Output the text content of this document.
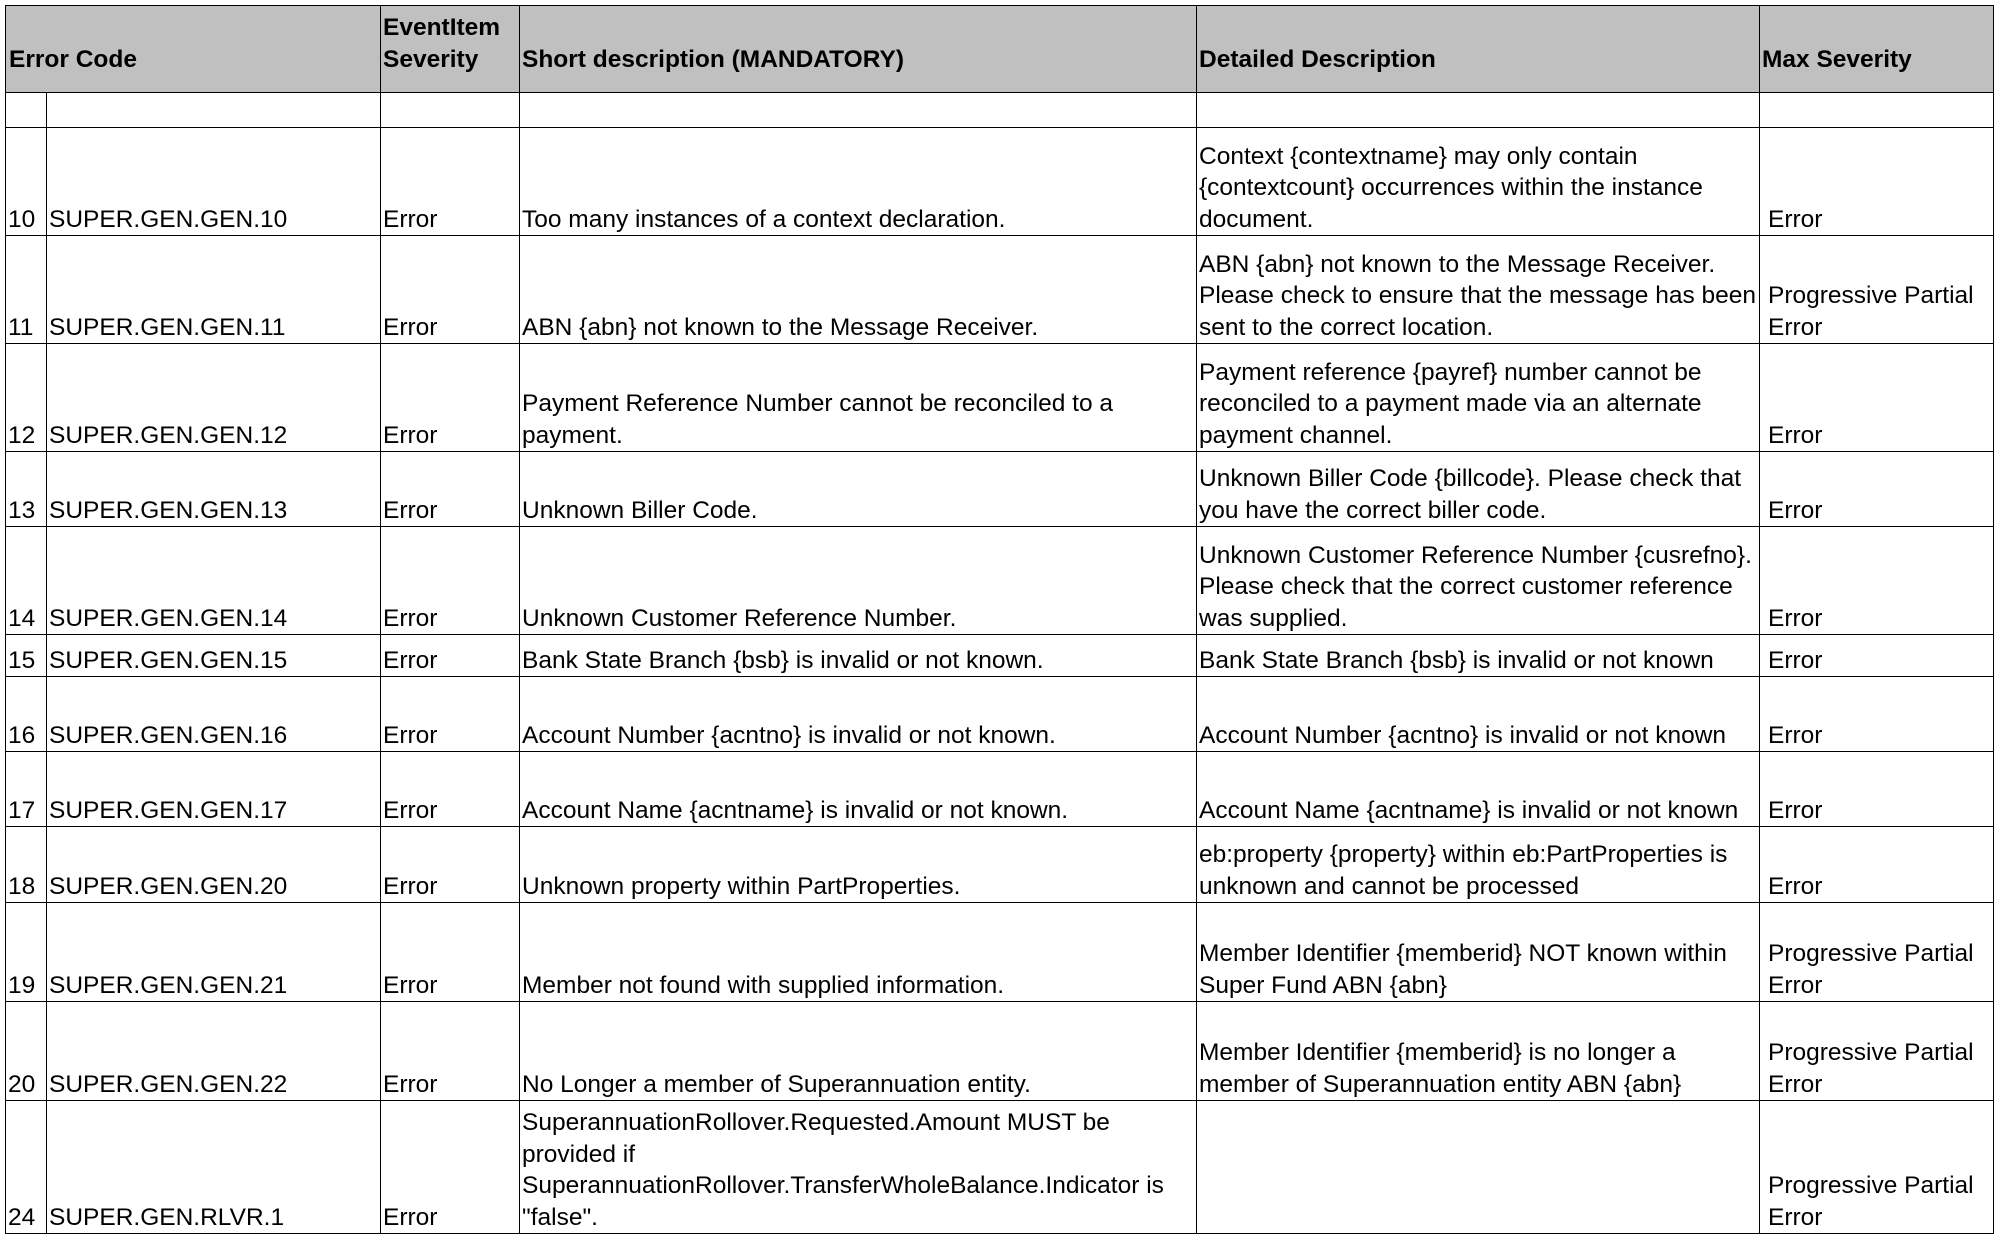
Error Code		EventItem Severity	Short description (MANDATORY)	Detailed Description	Max Severity

10	SUPER.GEN.GEN.10	Error	Too many instances of a context declaration.	Context {contextname} may only contain {contextcount} occurrences within the instance document.	Error
11	SUPER.GEN.GEN.11	Error	ABN {abn} not known to the Message Receiver.	ABN {abn} not known to the Message Receiver. Please check to ensure that the message has been sent to the correct location.	Progressive Partial Error
12	SUPER.GEN.GEN.12	Error	Payment Reference Number cannot be reconciled to a payment.	Payment reference {payref} number cannot be reconciled to a payment made via an alternate payment channel.	Error
13	SUPER.GEN.GEN.13	Error	Unknown Biller Code.	Unknown Biller Code {billcode}. Please check that you have the correct biller code.	Error
14	SUPER.GEN.GEN.14	Error	Unknown Customer Reference Number.	Unknown Customer Reference Number {cusrefno}. Please check that the correct customer reference was supplied.	Error
15	SUPER.GEN.GEN.15	Error	Bank State Branch {bsb} is invalid or not known.	Bank State Branch {bsb} is invalid or not known	Error
16	SUPER.GEN.GEN.16	Error	Account Number {acntno} is invalid or not known.	Account Number {acntno} is invalid or not known	Error
17	SUPER.GEN.GEN.17	Error	Account Name {acntname} is invalid or not known.	Account Name {acntname} is invalid or not known	Error
18	SUPER.GEN.GEN.20	Error	Unknown property within PartProperties.	eb:property {property} within eb:PartProperties is unknown and cannot be processed	Error
19	SUPER.GEN.GEN.21	Error	Member not found with supplied information.	Member Identifier {memberid} NOT known within Super Fund ABN {abn}	Progressive Partial Error
20	SUPER.GEN.GEN.22	Error	No Longer a member of Superannuation entity.	Member Identifier {memberid} is no longer a member of Superannuation entity ABN {abn}	Progressive Partial Error
24	SUPER.GEN.RLVR.1	Error	SuperannuationRollover.Requested.Amount MUST be provided if SuperannuationRollover.TransferWholeBalance.Indicator is "false".		Progressive Partial Error
